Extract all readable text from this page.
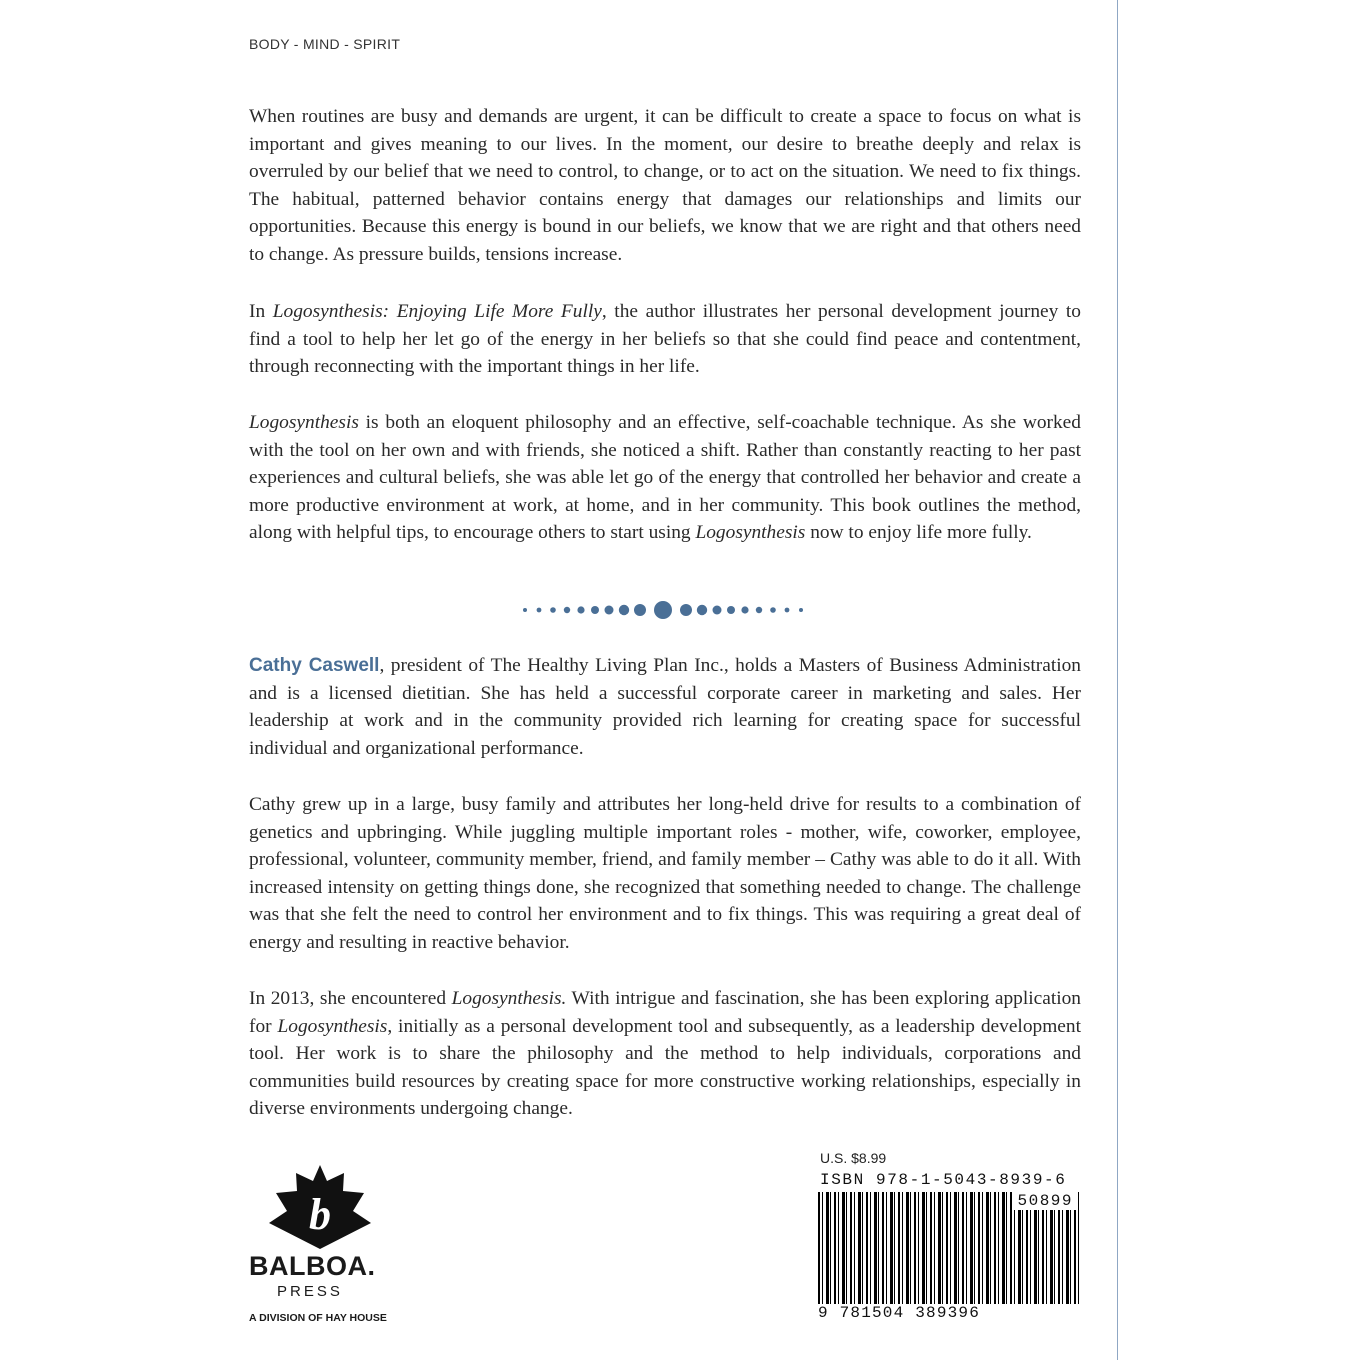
BODY - MIND - SPIRIT

When routines are busy and demands are urgent, it can be difficult to create a space to focus on what is important and gives meaning to our lives. In the moment, our desire to breathe deeply and relax is overruled by our belief that we need to control, to change, or to act on the situation. We need to fix things. The habitual, patterned behavior contains energy that damages our relationships and limits our opportunities. Because this energy is bound in our beliefs, we know that we are right and that others need to change. As pressure builds, tensions increase.

In Logosynthesis: Enjoying Life More Fully, the author illustrates her personal development journey to find a tool to help her let go of the energy in her beliefs so that she could find peace and contentment, through reconnecting with the important things in her life.

Logosynthesis is both an eloquent philosophy and an effective, self-coachable technique. As she worked with the tool on her own and with friends, she noticed a shift. Rather than constantly reacting to her past experiences and cultural beliefs, she was able let go of the energy that controlled her behavior and create a more productive environment at work, at home, and in her community. This book outlines the method, along with helpful tips, to encourage others to start using Logosynthesis now to enjoy life more fully.

Cathy Caswell, president of The Healthy Living Plan Inc., holds a Masters of Business Administration and is a licensed dietitian. She has held a successful corporate career in marketing and sales. Her leadership at work and in the community provided rich learning for creating space for successful individual and organizational performance.

Cathy grew up in a large, busy family and attributes her long-held drive for results to a combination of genetics and upbringing. While juggling multiple important roles - mother, wife, coworker, employee, professional, volunteer, community member, friend, and family member – Cathy was able to do it all. With increased intensity on getting things done, she recognized that something needed to change. The challenge was that she felt the need to control her environment and to fix things. This was requiring a great deal of energy and resulting in reactive behavior.

In 2013, she encountered Logosynthesis. With intrigue and fascination, she has been exploring application for Logosynthesis, initially as a personal development tool and subsequently, as a leadership development tool. Her work is to share the philosophy and the method to help individuals, corporations and communities build resources by creating space for more constructive working relationships, especially in diverse environments undergoing change.

b
BALBOA.
PRESS
A DIVISION OF HAY HOUSE
U.S. $8.99
ISBN 978-1-5043-8939-6
50899
9 781504 389396
